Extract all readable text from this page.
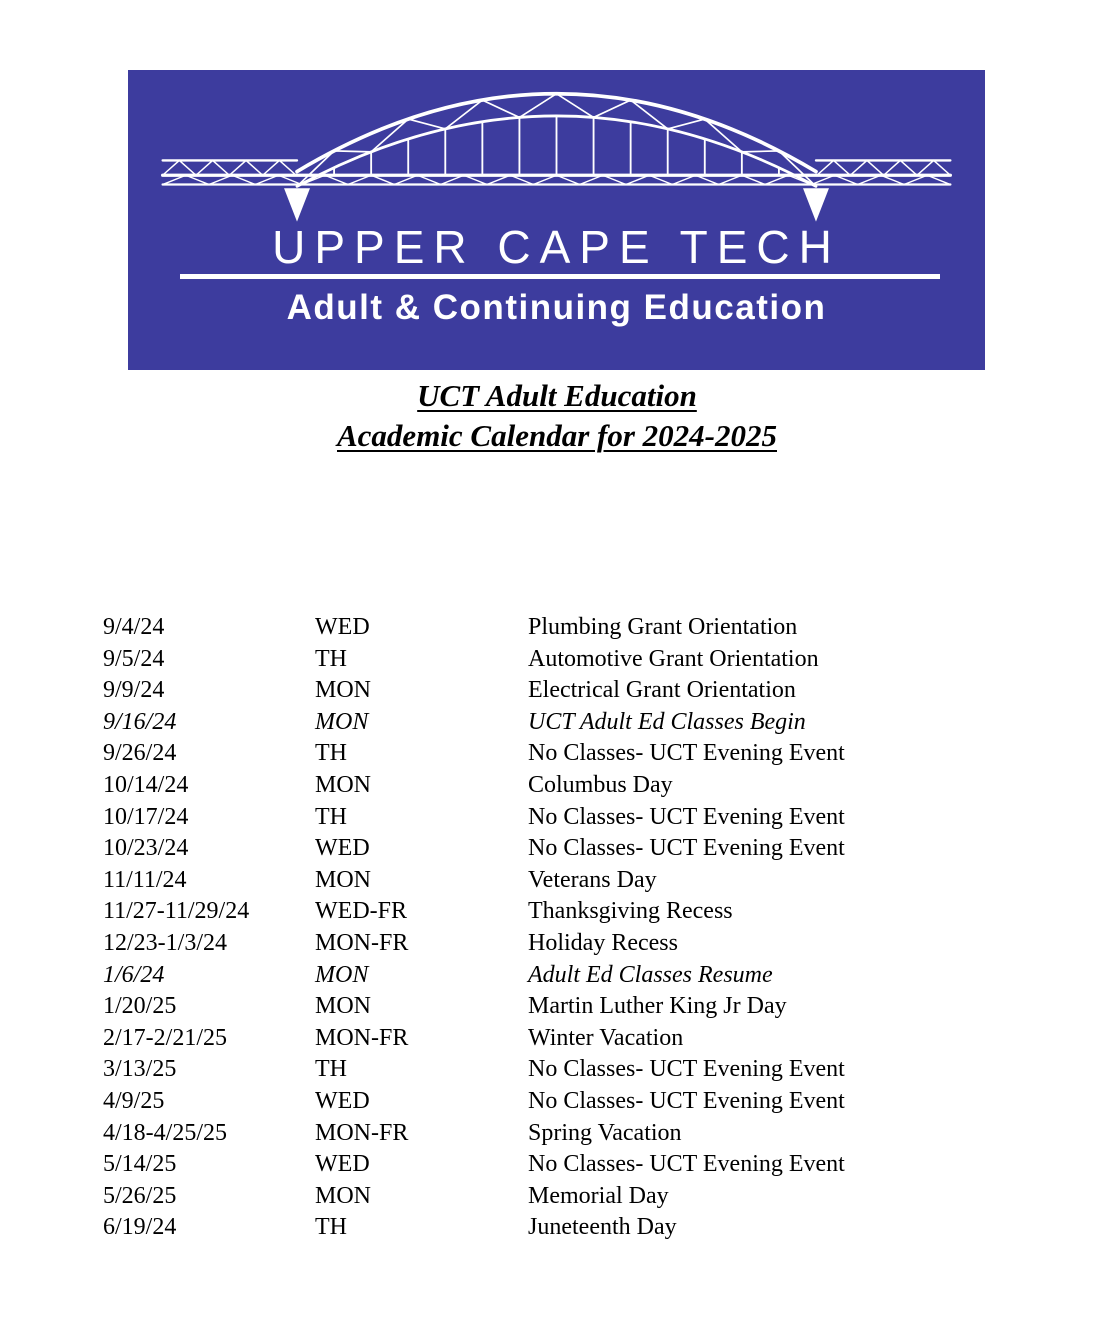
UPPER CAPE TECH
Adult & Continuing Education
UCT Adult Education
Academic Calendar for 2024-2025
9/4/24	WED	Plumbing Grant Orientation
9/5/24	TH	Automotive Grant Orientation
9/9/24	MON	Electrical Grant Orientation
9/16/24	MON	UCT Adult Ed Classes Begin
9/26/24	TH	No Classes- UCT Evening Event
10/14/24	MON	Columbus Day
10/17/24	TH	No Classes- UCT Evening Event
10/23/24	WED	No Classes- UCT Evening Event
11/11/24	MON	Veterans Day
11/27-11/29/24	WED-FR	Thanksgiving Recess
12/23-1/3/24	MON-FR	Holiday Recess
1/6/24	MON	Adult Ed Classes Resume
1/20/25	MON	Martin Luther King Jr Day
2/17-2/21/25	MON-FR	Winter Vacation
3/13/25	TH	No Classes- UCT Evening Event
4/9/25	WED	No Classes- UCT Evening Event
4/18-4/25/25	MON-FR	Spring Vacation
5/14/25	WED	No Classes- UCT Evening Event
5/26/25	MON	Memorial Day
6/19/24	TH	Juneteenth Day
